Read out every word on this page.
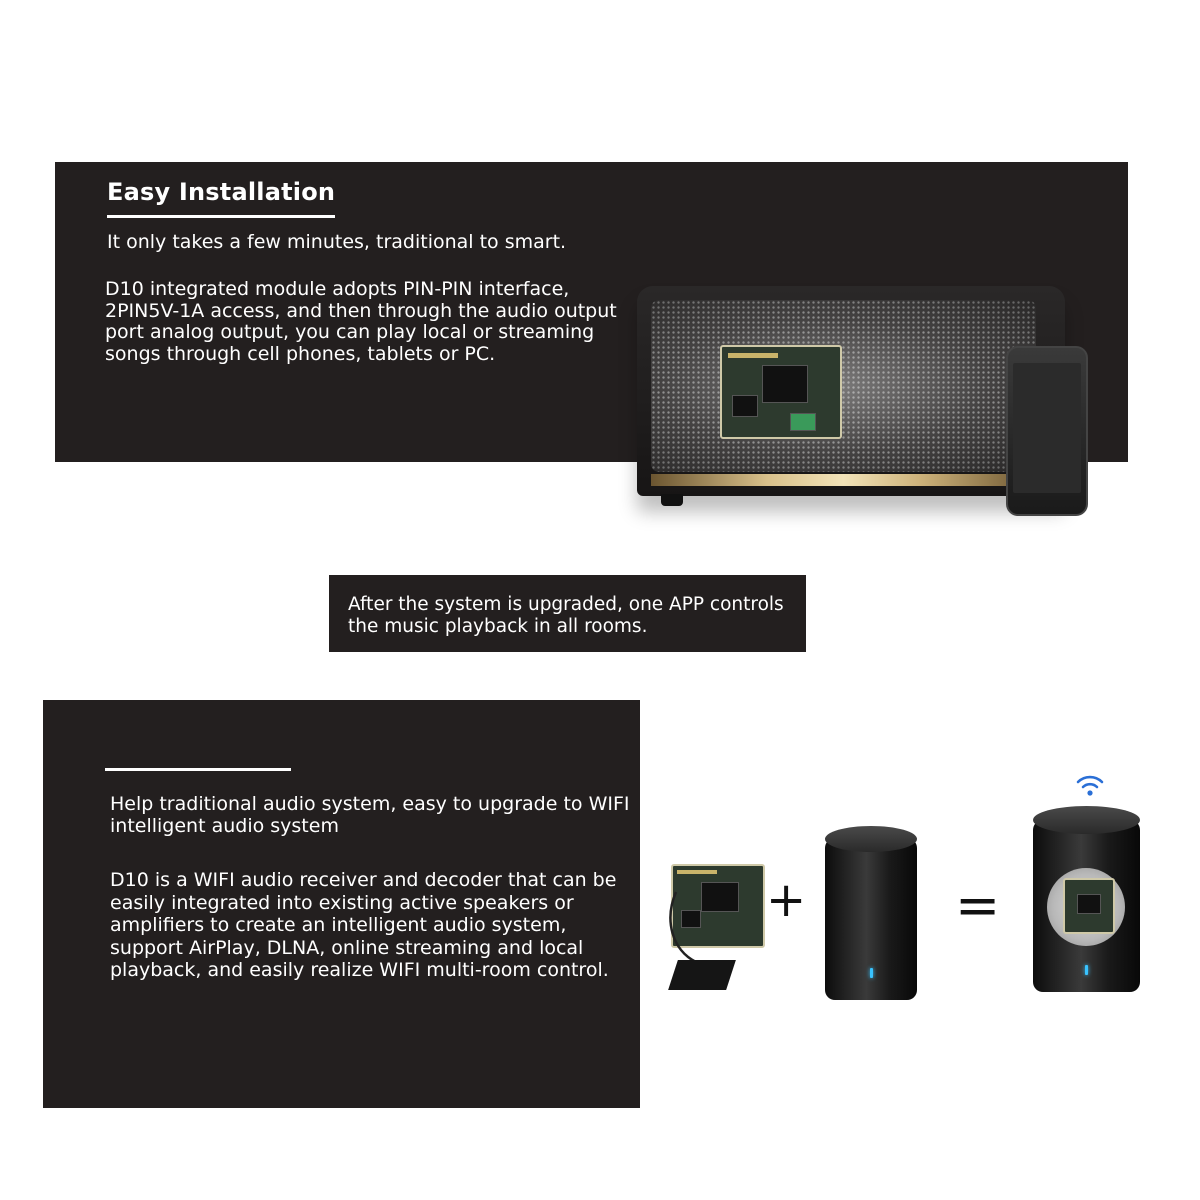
Easy Installation
It only takes a few minutes, traditional to smart.
D10 integrated module adopts PIN-PIN interface, 2PIN5V-1A access, and then through the audio output port analog output, you can play local or streaming songs through cell phones, tablets or PC.
After the system is upgraded, one APP controls the music playback in all rooms.
Help traditional audio system, easy to upgrade to WIFI intelligent audio system
D10 is a WIFI audio receiver and decoder that can be easily integrated into existing active speakers or amplifiers to create an intelligent audio system, support AirPlay, DLNA, online streaming and local playback, and easily realize WIFI multi-room control.
+	=
